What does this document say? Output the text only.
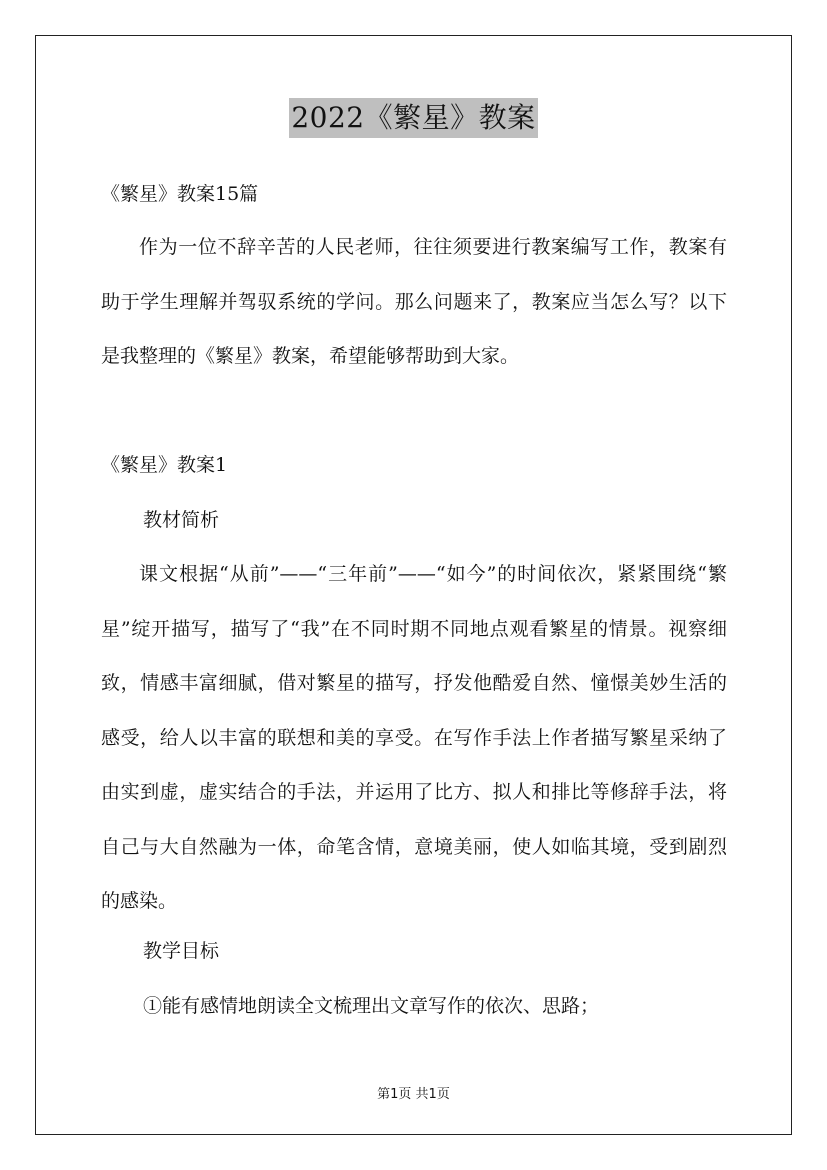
2022《繁星》教案
《繁星》教案15篇
作为一位不辞辛苦的人民老师，往往须要进行教案编写工作，教案有助于学生理解并驾驭系统的学问。那么问题来了，教案应当怎么写？以下是我整理的《繁星》教案，希望能够帮助到大家。
《繁星》教案1
教材简析
课文根据“从前”——“三年前”——“如今”的时间依次，紧紧围绕“繁星”绽开描写，描写了“我”在不同时期不同地点观看繁星的情景。视察细致，情感丰富细腻，借对繁星的描写，抒发他酷爱自然、憧憬美妙生活的感受，给人以丰富的联想和美的享受。在写作手法上作者描写繁星采纳了由实到虚，虚实结合的手法，并运用了比方、拟人和排比等修辞手法，将自己与大自然融为一体，命笔含情，意境美丽，使人如临其境，受到剧烈的感染。
教学目标
①能有感情地朗读全文梳理出文章写作的依次、思路；
第1页 共1页
